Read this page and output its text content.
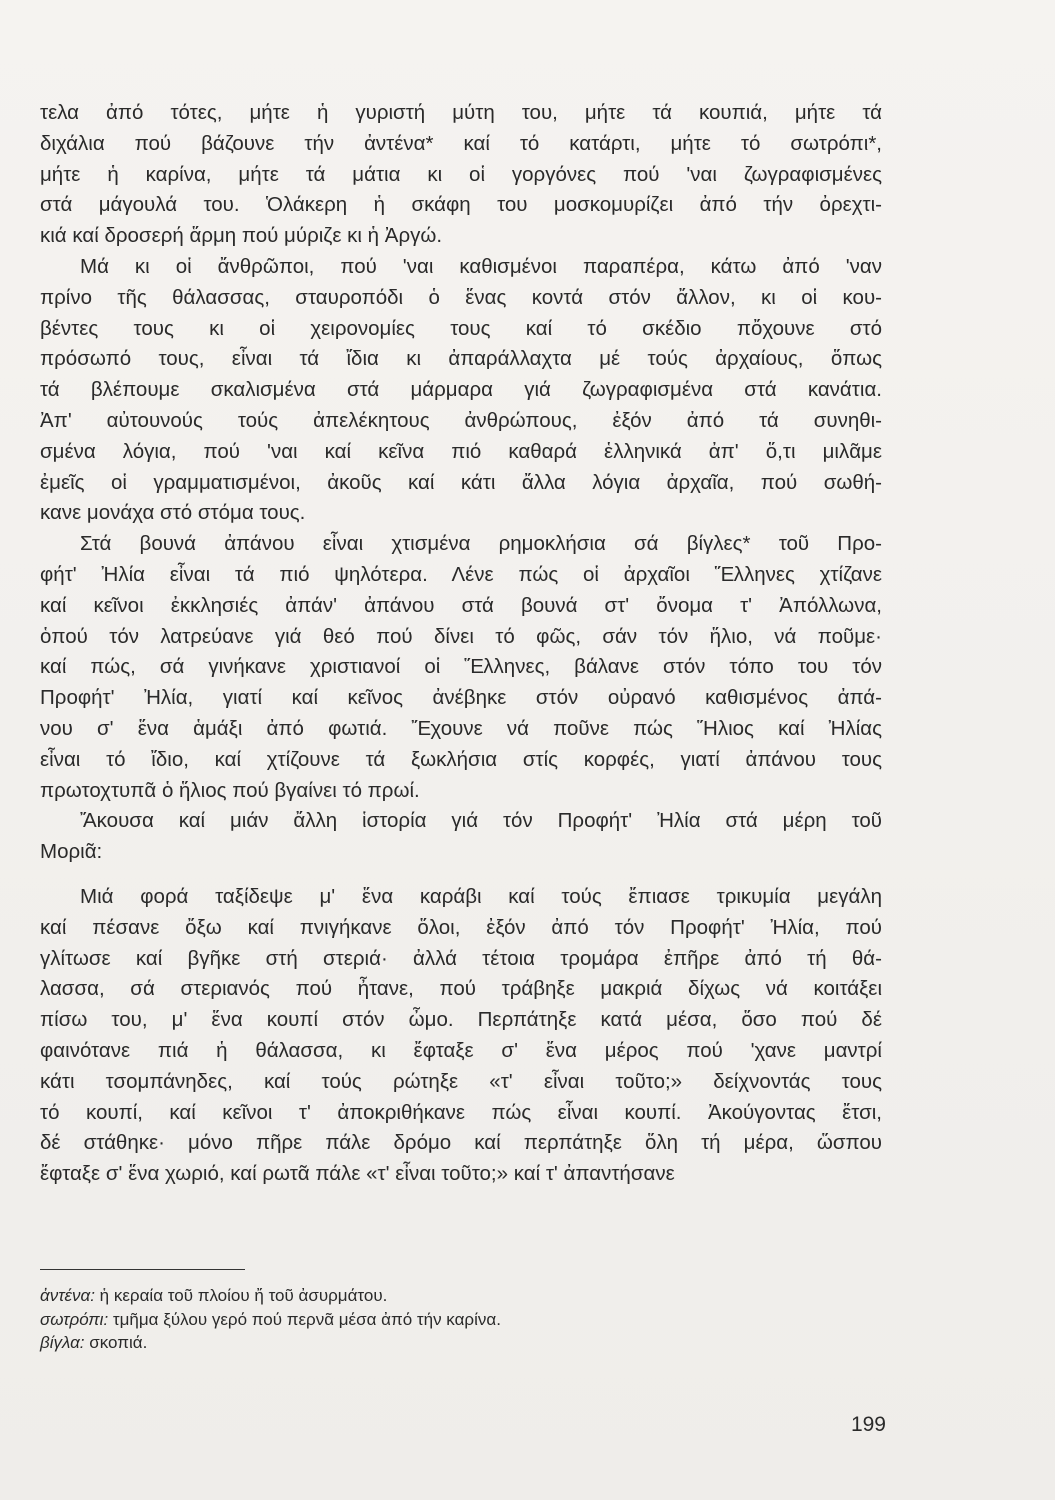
τελα ἀπό τότες, μήτε ἡ γυριστή μύτη του, μήτε τά κουπιά, μήτε τά
διχάλια πού βάζουνε τήν ἀντένα* καί τό κατάρτι, μήτε τό σωτρόπι*,
μήτε ἡ καρίνα, μήτε τά μάτια κι οἱ γοργόνες πού 'ναι ζωγραφισμένες
στά μάγουλά του. Ὁλάκερη ἡ σκάφη του μοσκομυρίζει ἀπό τήν ὀρεχτι-
κιά καί δροσερή ἅρμη πού μύριζε κι ἡ Ἀργώ.
Μά κι οἱ ἄνθρῶποι, πού 'ναι καθισμένοι παραπέρα, κάτω ἀπό 'ναν
πρίνο τῆς θάλασσας, σταυροπόδι ὁ ἕνας κοντά στόν ἄλλον, κι οἱ κου-
βέντες τους κι οἱ χειρονομίες τους καί τό σκέδιο πὄχουνε στό
πρόσωπό τους, εἶναι τά ἴδια κι ἀπαράλλαχτα μέ τούς ἀρχαίους, ὅπως
τά βλέπουμε σκαλισμένα στά μάρμαρα γιά ζωγραφισμένα στά κανάτια.
Ἀπ' αὐτουνούς τούς ἀπελέκητους ἀνθρώπους, ἐξόν ἀπό τά συνηθι-
σμένα λόγια, πού 'ναι καί κεῖνα πιό καθαρά ἑλληνικά ἀπ' ὅ,τι μιλᾶμε
ἐμεῖς οἱ γραμματισμένοι, ἀκοῦς καί κάτι ἄλλα λόγια ἀρχαῖα, πού σωθή-
κανε μονάχα στό στόμα τους.
Στά βουνά ἀπάνου εἶναι χτισμένα ρημοκλήσια σά βίγλες* τοῦ Προ-
φήτ' Ἠλία εἶναι τά πιό ψηλότερα. Λένε πώς οἱ ἀρχαῖοι Ἕλληνες χτίζανε
καί κεῖνοι ἐκκλησιές ἀπάν' ἀπάνου στά βουνά στ' ὄνομα τ' Ἀπόλλωνα,
ὁπού τόν λατρεύανε γιά θεό πού δίνει τό φῶς, σάν τόν ἥλιο, νά ποῦμε·
καί πώς, σά γινήκανε χριστιανοί οἱ Ἕλληνες, βάλανε στόν τόπο του τόν
Προφήτ' Ἠλία, γιατί καί κεῖνος ἀνέβηκε στόν οὐρανό καθισμένος ἀπά-
νου σ' ἕνα ἁμάξι ἀπό φωτιά. Ἔχουνε νά ποῦνε πώς Ἥλιος καί Ἠλίας
εἶναι τό ἴδιο, καί χτίζουνε τά ξωκλήσια στίς κορφές, γιατί ἀπάνου τους
πρωτοχτυπᾶ ὁ ἥλιος πού βγαίνει τό πρωί.
Ἄκουσα καί μιάν ἄλλη ἱστορία γιά τόν Προφήτ' Ἠλία στά μέρη τοῦ
Μοριᾶ:
Μιά φορά ταξίδεψε μ' ἕνα καράβι καί τούς ἔπιασε τρικυμία μεγάλη
καί πέσανε ὄξω καί πνιγήκανε ὅλοι, ἐξόν ἀπό τόν Προφήτ' Ἠλία, πού
γλίτωσε καί βγῆκε στή στεριά· ἀλλά τέτοια τρομάρα ἐπῆρε ἀπό τή θά-
λασσα, σά στεριανός πού ἦτανε, πού τράβηξε μακριά δίχως νά κοιτάξει
πίσω του, μ' ἕνα κουπί στόν ὦμο. Περπάτηξε κατά μέσα, ὅσο πού δέ
φαινότανε πιά ἡ θάλασσα, κι ἔφταξε σ' ἕνα μέρος πού 'χανε μαντρί
κάτι τσομπάνηδες, καί τούς ρώτηξε «τ' εἶναι τοῦτο;» δείχνοντάς τους
τό κουπί, καί κεῖνοι τ' ἀποκριθήκανε πώς εἶναι κουπί. Ἀκούγοντας ἔτσι,
δέ στάθηκε· μόνο πῆρε πάλε δρόμο καί περπάτηξε ὅλη τή μέρα, ὥσπου
ἔφταξε σ' ἕνα χωριό, καί ρωτᾶ πάλε «τ' εἶναι τοῦτο;» καί τ' ἀπαντήσανε
ἀντένα: ἡ κεραία τοῦ πλοίου ἤ τοῦ ἀσυρμάτου.
σωτρόπι: τμῆμα ξύλου γερό πού περνᾶ μέσα ἀπό τήν καρίνα.
βίγλα: σκοπιά.
199
